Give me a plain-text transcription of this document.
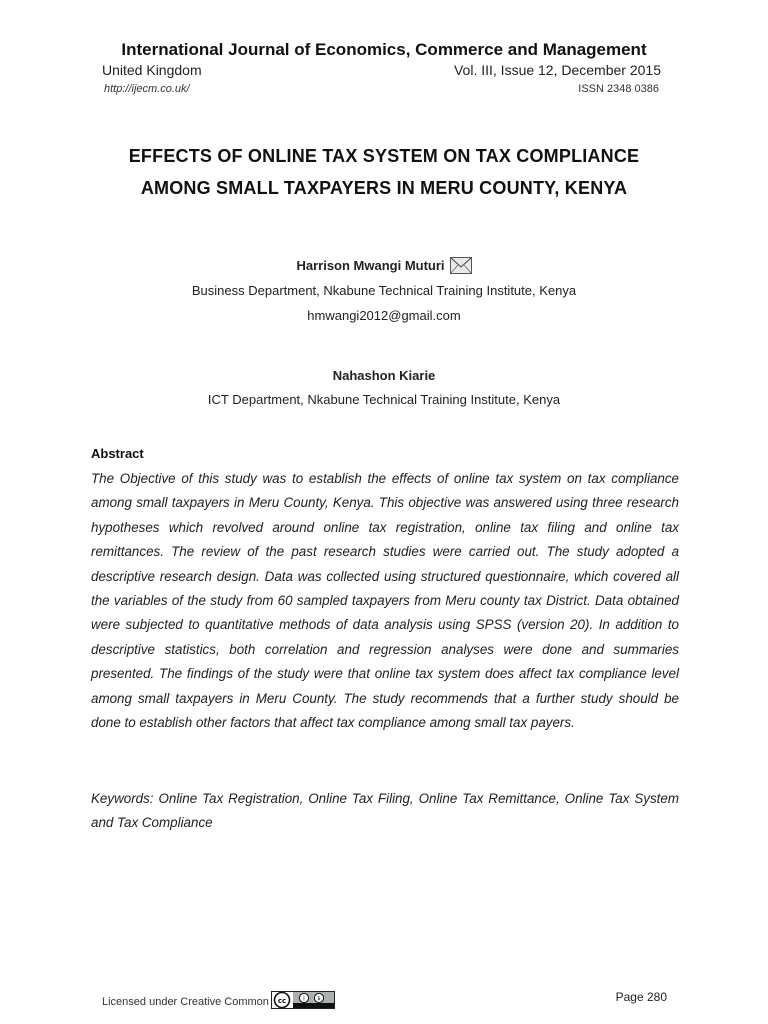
International Journal of Economics, Commerce and Management
United Kingdom	Vol. III, Issue 12, December 2015
http://ijecm.co.uk/	ISSN 2348 0386
EFFECTS OF ONLINE TAX SYSTEM ON TAX COMPLIANCE
AMONG SMALL TAXPAYERS IN MERU COUNTY, KENYA
Harrison Mwangi Muturi
Business Department, Nkabune Technical Training Institute, Kenya
hmwangi2012@gmail.com
Nahashon Kiarie
ICT Department, Nkabune Technical Training Institute, Kenya
Abstract
The Objective of this study was to establish the effects of online tax system on tax compliance among small taxpayers in Meru County, Kenya. This objective was answered using three research hypotheses which revolved around online tax registration, online tax filing and online tax remittances. The review of the past research studies were carried out. The study adopted a descriptive research design. Data was collected using structured questionnaire, which covered all the variables of the study from 60 sampled taxpayers from Meru county tax District. Data obtained were subjected to quantitative methods of data analysis using SPSS (version 20). In addition to descriptive statistics, both correlation and regression analyses were done and summaries presented. The findings of the study were that online tax system does affect tax compliance level among small taxpayers in Meru County. The study recommends that a further study should be done to establish other factors that affect tax compliance among small tax payers.
Keywords: Online Tax Registration, Online Tax Filing, Online Tax Remittance, Online Tax System and Tax Compliance
Licensed under Creative Common cc	i $	Page 280
